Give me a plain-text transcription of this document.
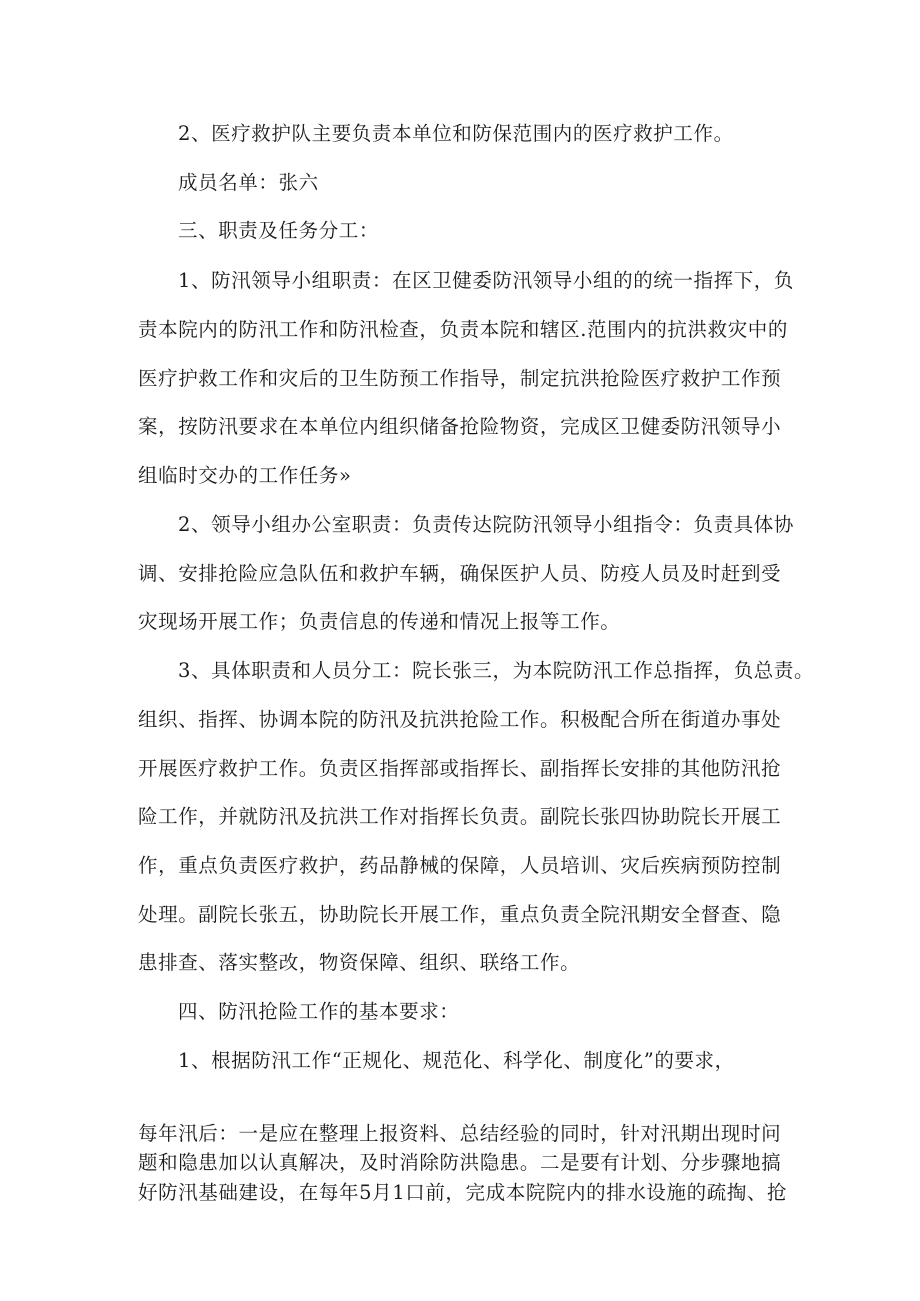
2、医疗救护队主要负责本单位和防保范围内的医疗救护工作。
成员名单：张六
三、职责及任务分工：
1、防汛领导小组职责：在区卫健委防汛领导小组的的统一指挥下，负
责本院内的防汛工作和防汛检查，负责本院和辖区.范围内的抗洪救灾中的
医疗护救工作和灾后的卫生防预工作指导，制定抗洪抢险医疗救护工作预
案，按防汛要求在本单位内组织储备抢险物资，完成区卫健委防汛领导小
组临时交办的工作任务»
2、领导小组办公室职责：负责传达院防汛领导小组指令：负责具体协
调、安排抢险应急队伍和救护车辆，确保医护人员、防疫人员及时赶到受
灾现场开展工作；负责信息的传递和情况上报等工作。
3、具体职责和人员分工：院长张三，为本院防汛工作总指挥，负总责。
组织、指挥、协调本院的防汛及抗洪抢险工作。积极配合所在街道办事处
开展医疗救护工作。负责区指挥部或指挥长、副指挥长安排的其他防汛抢
险工作，并就防汛及抗洪工作对指挥长负责。副院长张四协助院长开展工
作，重点负责医疗救护，药品静械的保障，人员培训、灾后疾病预防控制
处理。副院长张五，协助院长开展工作，重点负责全院汛期安全督查、隐
患排查、落实整改，物资保障、组织、联络工作。
四、防汛抢险工作的基本要求：
1、根据防汛工作“正规化、规范化、科学化、制度化”的要求，
每年汛后：一是应在整理上报资料、总结经验的同时，针对汛期出现时问
题和隐患加以认真解决，及时消除防洪隐患。二是要有计划、分步骤地搞
好防汛基础建设，在每年5月1口前，完成本院院内的排水设施的疏掏、抢
